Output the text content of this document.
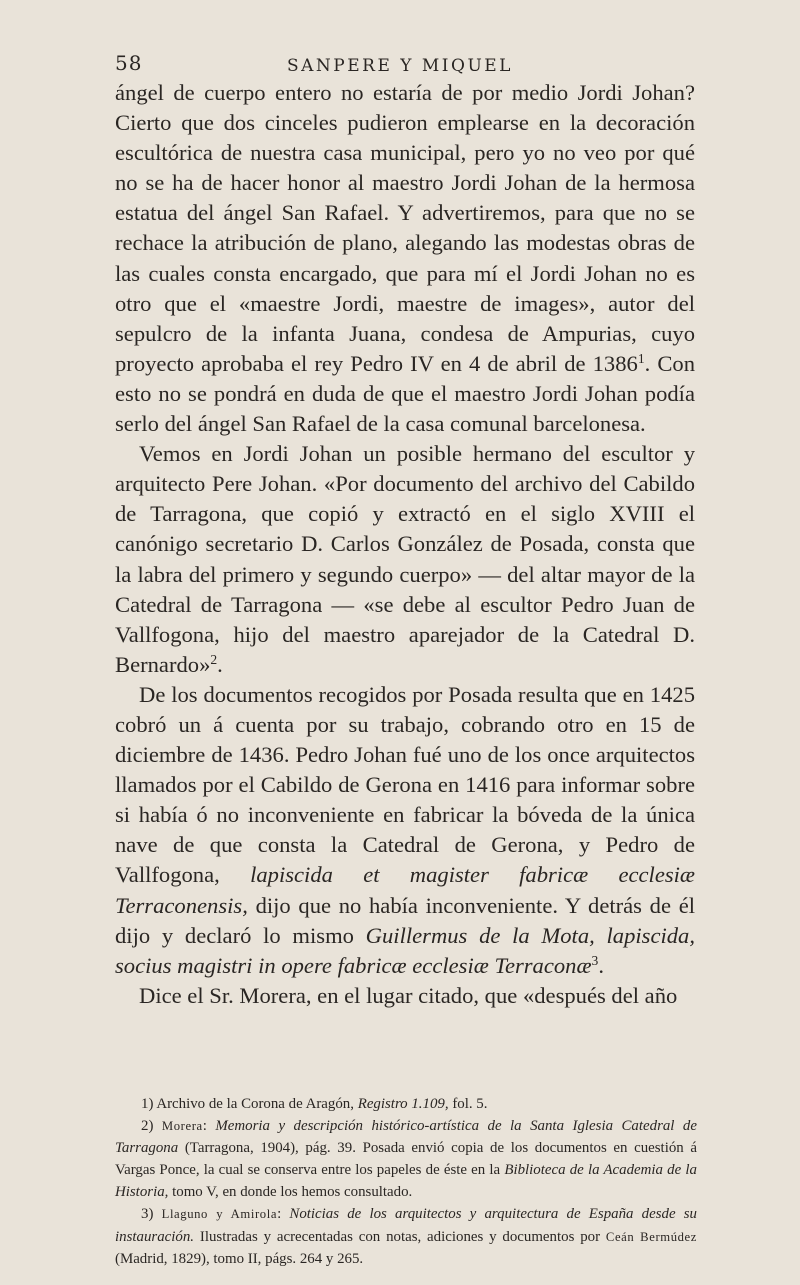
58	SANPERE Y MIQUEL

ángel de cuerpo entero no estaría de por medio Jordi Johan? Cierto que dos cinceles pudieron emplearse en la decoración escultórica de nuestra casa municipal, pero yo no veo por qué no se ha de hacer honor al maestro Jordi Johan de la hermosa estatua del ángel San Rafael. Y advertiremos, para que no se rechace la atribución de plano, alegando las modestas obras de las cuales consta encargado, que para mí el Jordi Johan no es otro que el «maestre Jordi, maestre de images», autor del sepulcro de la infanta Juana, condesa de Ampurias, cuyo proyecto aprobaba el rey Pedro IV en 4 de abril de 1386$^1$. Con esto no se pondrá en duda de que el maestro Jordi Johan podía serlo del ángel San Rafael de la casa comunal barcelonesa.

Vemos en Jordi Johan un posible hermano del escultor y arquitecto Pere Johan. «Por documento del archivo del Cabildo de Tarragona, que copió y extractó en el siglo XVIII el canónigo secretario D. Carlos González de Posada, consta que la labra del primero y segundo cuerpo» — del altar mayor de la Catedral de Tarragona — «se debe al escultor Pedro Juan de Vallfogona, hijo del maestro aparejador de la Catedral D. Bernardo»$^2$.

De los documentos recogidos por Posada resulta que en 1425 cobró un á cuenta por su trabajo, cobrando otro en 15 de diciembre de 1436. Pedro Johan fué uno de los once arquitectos llamados por el Cabildo de Gerona en 1416 para informar sobre si había ó no inconveniente en fabricar la bóveda de la única nave de que consta la Catedral de Gerona, y Pedro de Vallfogona, lapiscida et magister fabricæ ecclesiæ Terraconensis, dijo que no había inconveniente. Y detrás de él dijo y declaró lo mismo Guillermus de la Mota, lapiscida, socius magistri in opere fabricæ ecclesiæ Terraconæ$^3$.

Dice el Sr. Morera, en el lugar citado, que «después del año

1) Archivo de la Corona de Aragón, Registro 1.109, fol. 5.

2) Morera: Memoria y descripción histórico-artística de la Santa Iglesia Catedral de Tarragona (Tarragona, 1904), pág. 39. Posada envió copia de los documentos en cuestión á Vargas Ponce, la cual se conserva entre los papeles de éste en la Biblioteca de la Academia de la Historia, tomo V, en donde los hemos consultado.

3) Llaguno y Amirola: Noticias de los arquitectos y arquitectura de España desde su instauración. Ilustradas y acrecentadas con notas, adiciones y documentos por Ceán Bermúdez (Madrid, 1829), tomo II, págs. 264 y 265.
